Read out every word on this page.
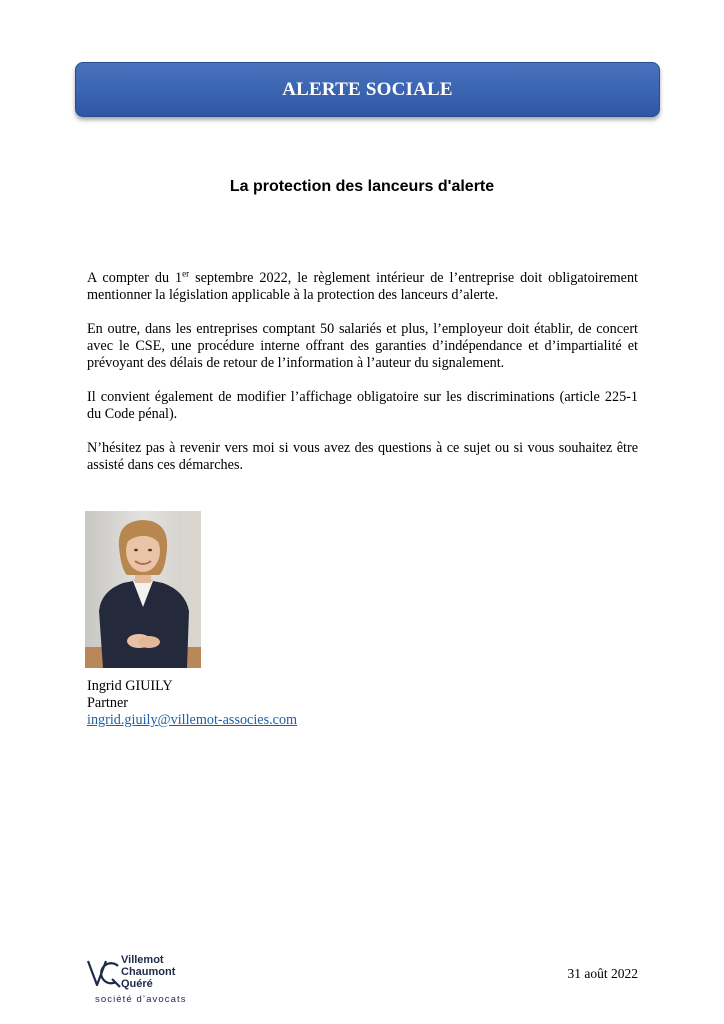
ALERTE SOCIALE
La protection des lanceurs d'alerte

A compter du 1er septembre 2022, le règlement intérieur de l’entreprise doit obligatoirement mentionner la législation applicable à la protection des lanceurs d’alerte.

En outre, dans les entreprises comptant 50 salariés et plus, l’employeur doit établir, de concert avec le CSE, une procédure interne offrant des garanties d’indépendance et d’impartialité et prévoyant des délais de retour de l’information à l’auteur du signalement.

Il convient également de modifier l’affichage obligatoire sur les discriminations (article 225-1 du Code pénal).

N’hésitez pas à revenir vers moi si vous avez des questions à ce sujet ou si vous souhaitez être assisté dans ces démarches.

Ingrid GIUILY
Partner
ingrid.giuily@villemot-associes.com
Villemot
Chaumont
Quéré
société d’avocats
31 août 2022
